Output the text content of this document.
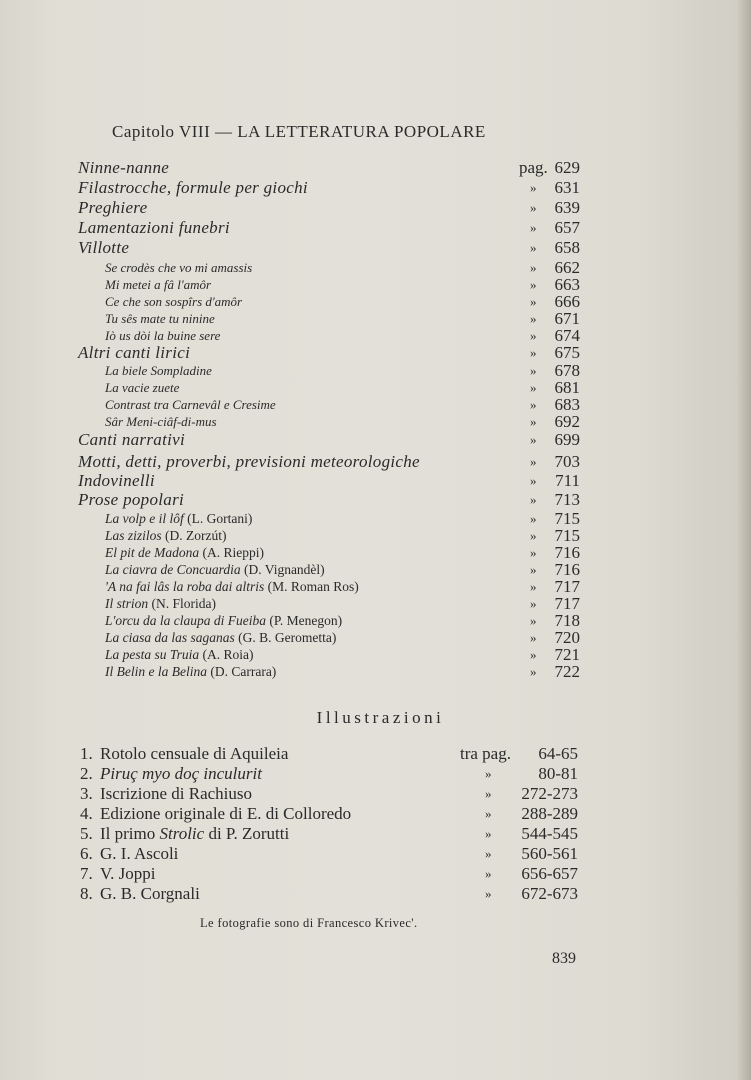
Capitolo VIII — LA LETTERATURA POPOLARE
Ninne-nanne	pag. 629
Filastrocche, formule per giochi	» 631
Preghiere	» 639
Lamentazioni funebri	» 657
Villotte	» 658
Se crodès che vo mi amassis	» 662
Mi metei a fâ l'amôr	» 663
Ce che son sospîrs d'amôr	» 666
Tu sês mate tu ninine	» 671
Iò us dòi la buine sere	» 674
Altri canti lirici	» 675
La biele Sompladine	» 678
La vacie zuete	» 681
Contrast tra Carnevâl e Cresime	» 683
Sâr Meni-ciâf-di-mus	» 692
Canti narrativi	» 699
Motti, detti, proverbi, previsioni meteorologiche	» 703
Indovinelli	» 711
Prose popolari	» 713
La volp e il lôf (L. Gortani)	» 715
Las zizilos (D. Zorzút)	» 715
El pit de Madona (A. Rieppi)	» 716
La ciavra de Concuardia (D. Vignandèl)	» 716
'A na fai lâs la roba dai altris (M. Roman Ros)	» 717
Il strion (N. Florida)	» 717
L'orcu da la claupa di Fueiba (P. Menegon)	» 718
La ciasa da las saganas (G. B. Gerometta)	» 720
La pesta su Truia (A. Roia)	» 721
Il Belin e la Belina (D. Carrara)	» 722
Illustrazioni
1. Rotolo censuale di Aquileia	tra pag. 64-65
2. Piruç myo doç inculurit	»	80-81
3. Iscrizione di Rachiuso	» 272-273
4. Edizione originale di E. di Colloredo	» 288-289
5. Il primo Strolic di P. Zorutti	» 544-545
6. G. I. Ascoli	» 560-561
7. V. Joppi	» 656-657
8. G. B. Corgnali	» 672-673
Le fotografie sono di Francesco Krivec'.
839
